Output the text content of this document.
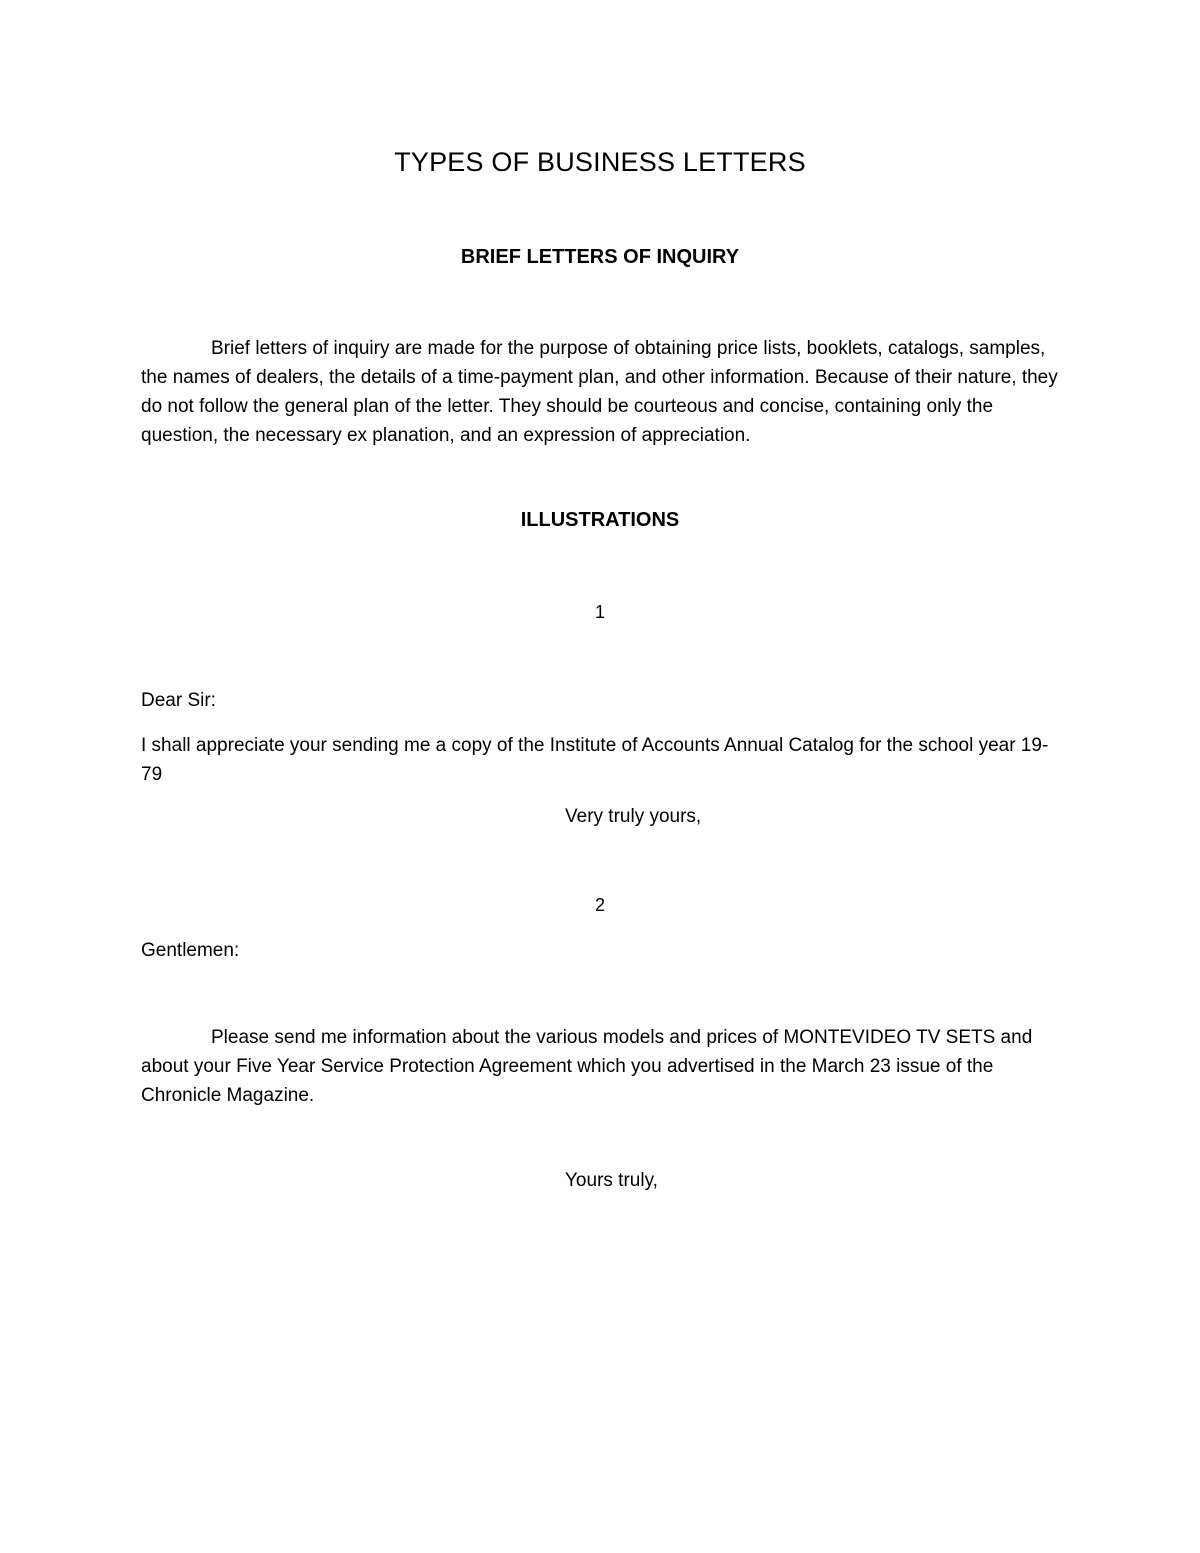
TYPES OF BUSINESS LETTERS
BRIEF LETTERS OF INQUIRY

Brief letters of inquiry are made for the purpose of obtaining price lists, booklets, catalogs, samples, the names of dealers, the details of a time-payment plan, and other information. Because of their nature, they do not follow the general plan of the letter. They should be courteous and concise, containing only the question, the necessary ex planation, and an expression of appreciation.

ILLUSTRATIONS
1
Dear Sir:

I shall appreciate your sending me a copy of the Institute of Accounts Annual Catalog for the school year 19-79

Very truly yours,
2
Gentlemen:

Please send me information about the various models and prices of MONTEVIDEO TV SETS and about your Five Year Service Protection Agreement which you advertised in the March 23 issue of the Chronicle Magazine.

Yours truly,
